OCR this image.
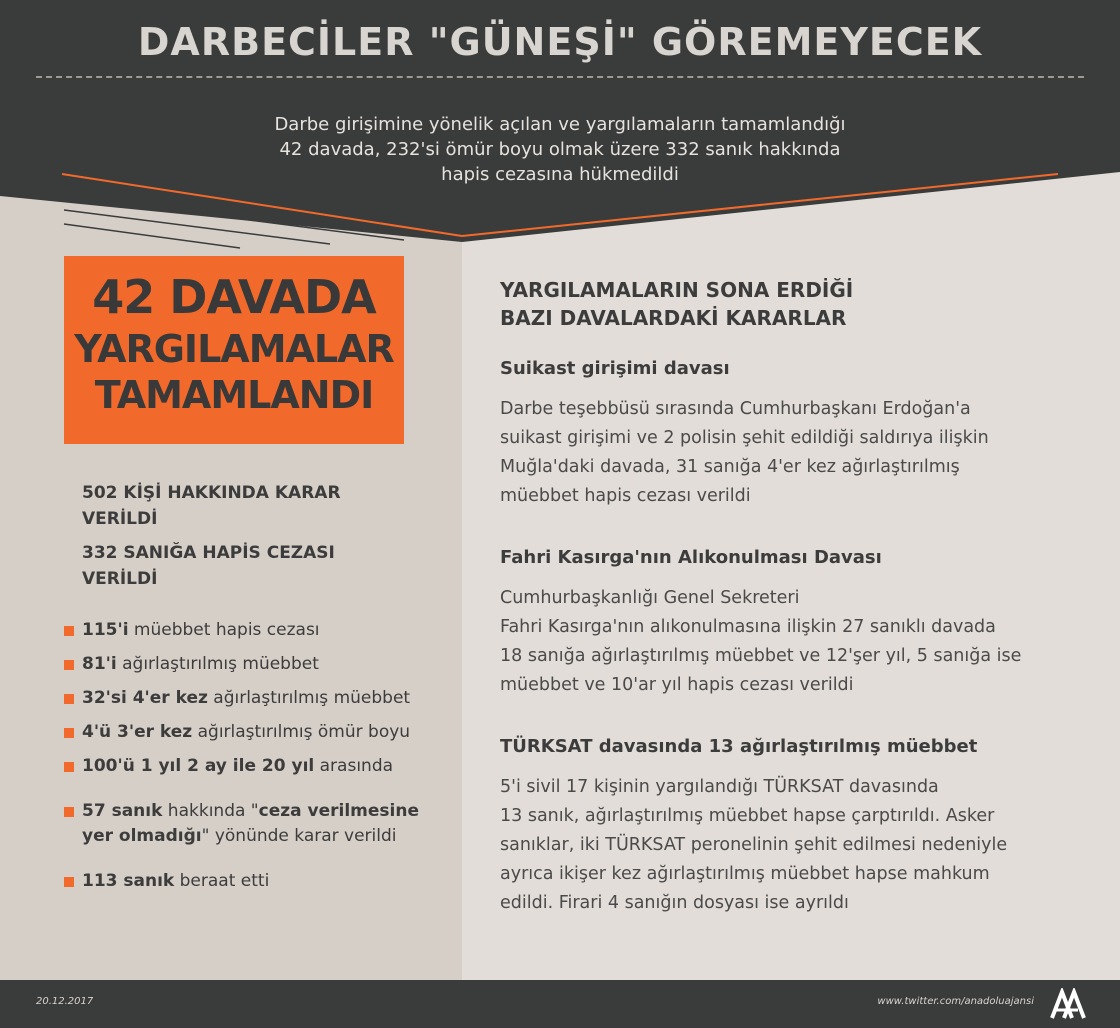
DARBECİLER "GÜNEŞİ" GÖREMEYECEK
Darbe girişimine yönelik açılan ve yargılamaların tamamlandığı
42 davada, 232'si ömür boyu olmak üzere 332 sanık hakkında
hapis cezasına hükmedildi
42 DAVADA
YARGILAMALAR
TAMAMLANDI
502 KİŞİ HAKKINDA KARAR VERİLDİ
332 SANIĞA HAPİS CEZASI VERİLDİ
115'i müebbet hapis cezası
81'i ağırlaştırılmış müebbet
32'si 4'er kez ağırlaştırılmış müebbet
4'ü 3'er kez ağırlaştırılmış ömür boyu
100'ü 1 yıl 2 ay ile 20 yıl arasında
57 sanık hakkında "ceza verilmesine yer olmadığı" yönünde karar verildi
113 sanık beraat etti
YARGILAMALARIN SONA ERDİĞİ
BAZI DAVALARDAKİ KARARLAR
Suikast girişimi davası

Darbe teşebbüsü sırasında Cumhurbaşkanı Erdoğan'a
suikast girişimi ve 2 polisin şehit edildiği saldırıya ilişkin
Muğla'daki davada, 31 sanığa 4'er kez ağırlaştırılmış
müebbet hapis cezası verildi

Fahri Kasırga'nın Alıkonulması Davası

Cumhurbaşkanlığı Genel Sekreteri
Fahri Kasırga'nın alıkonulmasına ilişkin 27 sanıklı davada
18 sanığa ağırlaştırılmış müebbet ve 12'şer yıl, 5 sanığa ise
müebbet ve 10'ar yıl hapis cezası verildi

TÜRKSAT davasında 13 ağırlaştırılmış müebbet

5'i sivil 17 kişinin yargılandığı TÜRKSAT davasında
13 sanık, ağırlaştırılmış müebbet hapse çarptırıldı. Asker
sanıklar, iki TÜRKSAT peronelinin şehit edilmesi nedeniyle
ayrıca ikişer kez ağırlaştırılmış müebbet hapse mahkum
edildi. Firari 4 sanığın dosyası ise ayrıldı

20.12.2017	www.twitter.com/anadoluajansi
